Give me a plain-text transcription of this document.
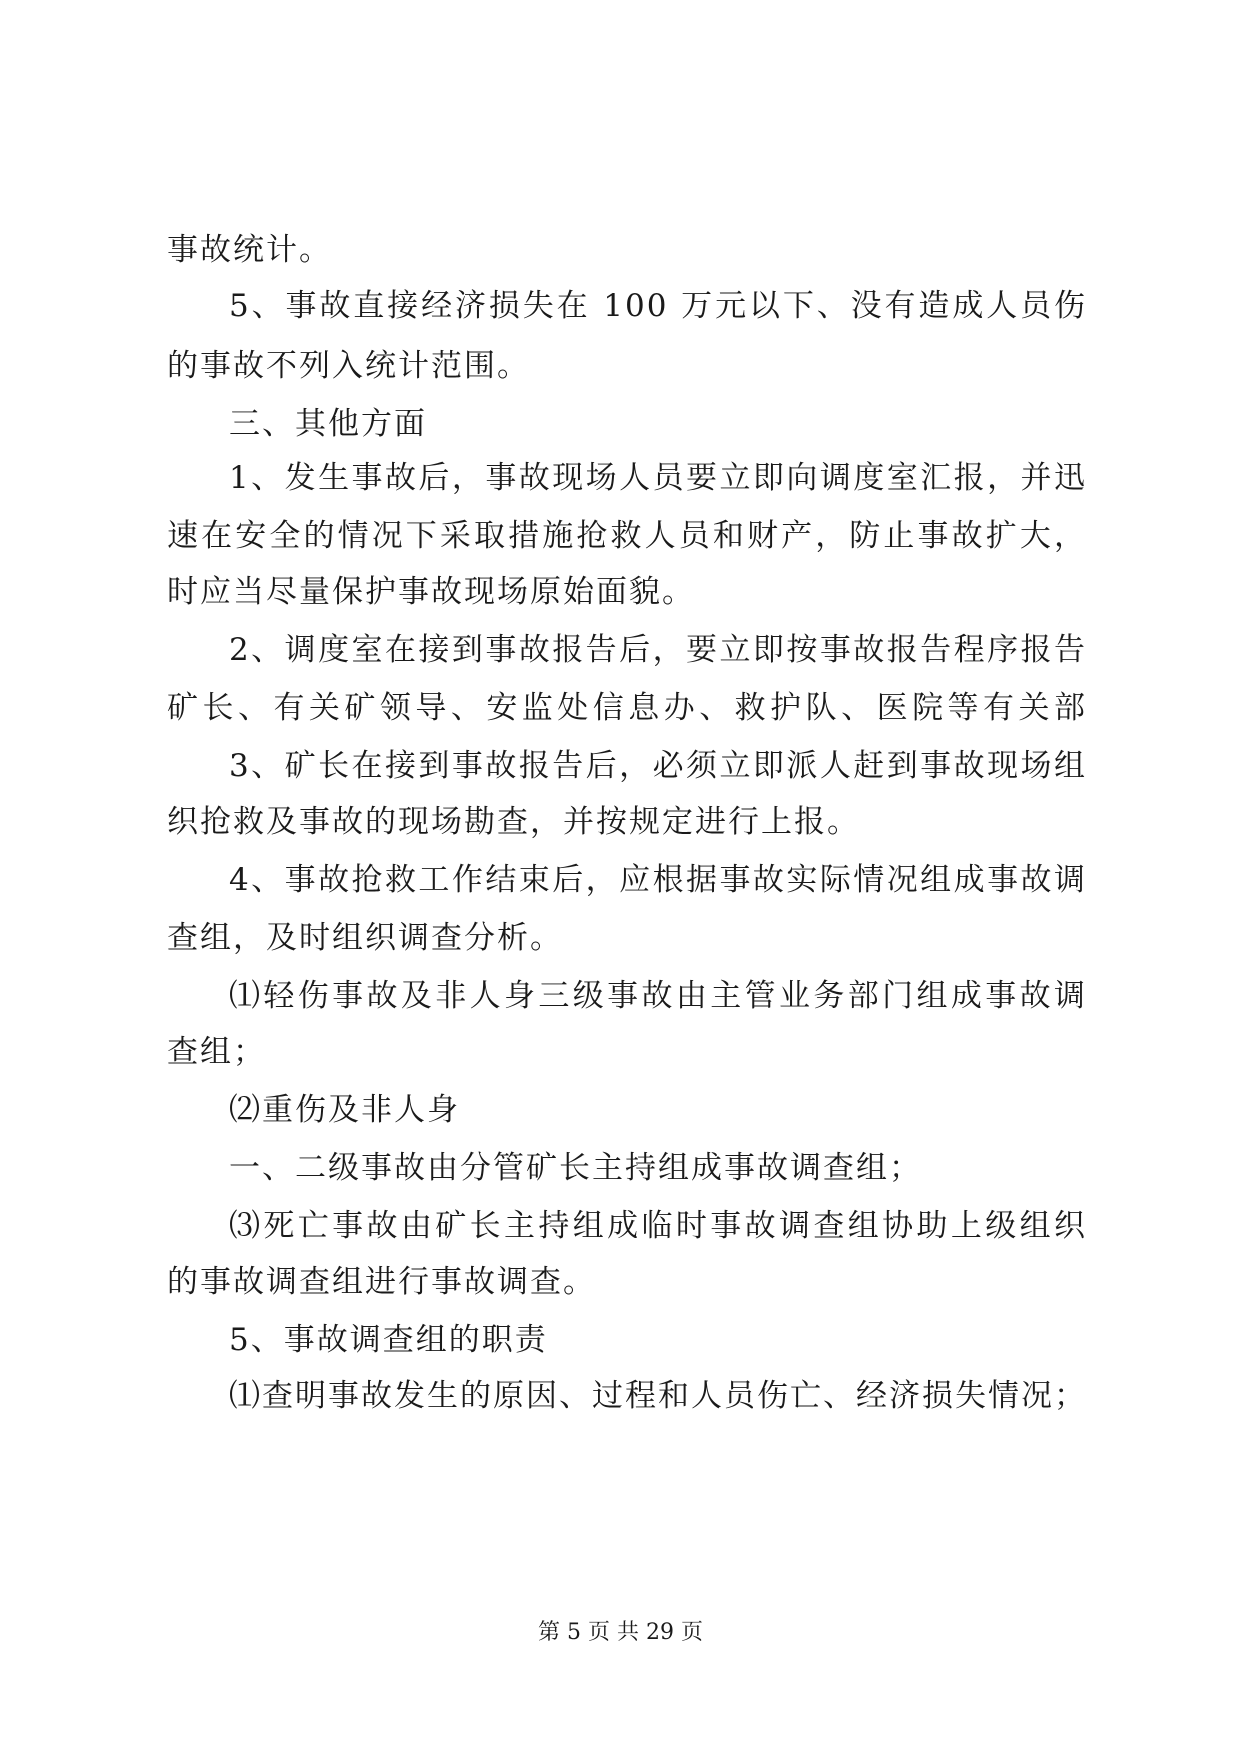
事故统计。
5、事故直接经济损失在 100 万元以下、没有造成人员伤
的事故不列入统计范围。
三、其他方面
1、发生事故后，事故现场人员要立即向调度室汇报，并迅
速在安全的情况下采取措施抢救人员和财产，防止事故扩大，
时应当尽量保护事故现场原始面貌。
2、调度室在接到事故报告后，要立即按事故报告程序报告
矿长、有关矿领导、安监处信息办、救护队、医院等有关部
3、矿长在接到事故报告后，必须立即派人赶到事故现场组
织抢救及事故的现场勘查，并按规定进行上报。
4、事故抢救工作结束后，应根据事故实际情况组成事故调
查组，及时组织调查分析。
⑴轻伤事故及非人身三级事故由主管业务部门组成事故调
查组；
⑵重伤及非人身
一、二级事故由分管矿长主持组成事故调查组；
⑶死亡事故由矿长主持组成临时事故调查组协助上级组织
的事故调查组进行事故调查。
5、事故调查组的职责
⑴查明事故发生的原因、过程和人员伤亡、经济损失情况；
第 5 页 共 29 页
